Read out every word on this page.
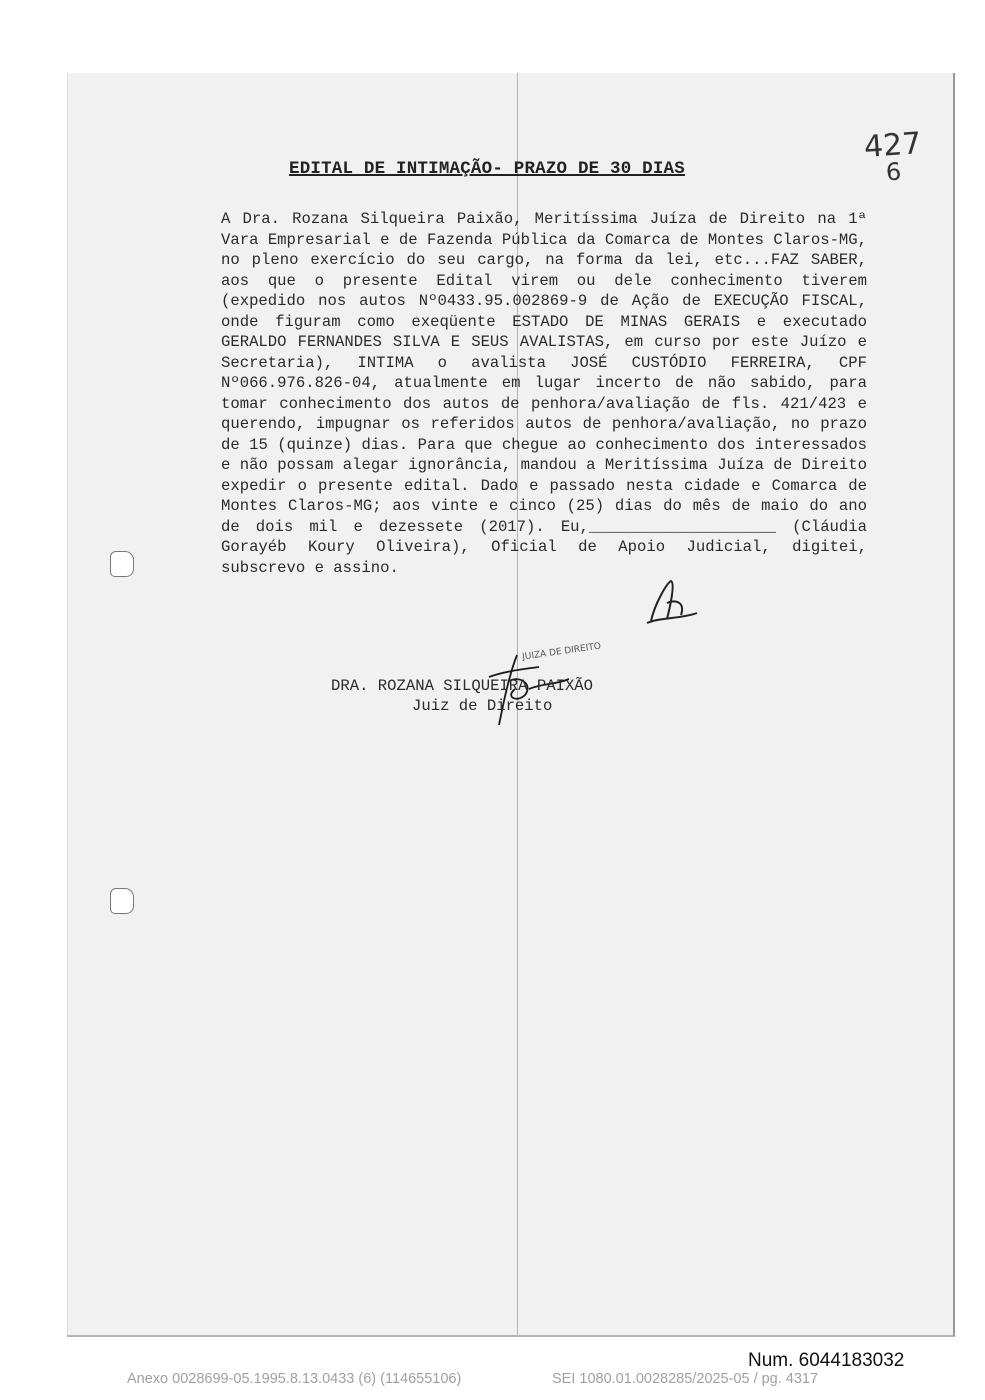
427
6
EDITAL DE INTIMAÇÃO- PRAZO DE 30 DIAS
A Dra. Rozana Silqueira Paixão, Meritíssima Juíza de Direito na 1ª Vara Empresarial e de Fazenda Pública da Comarca de Montes Claros-MG, no pleno exercício do seu cargo, na forma da lei, etc...FAZ SABER, aos que o presente Edital virem ou dele conhecimento tiverem (expedido nos autos Nº0433.95.002869-9 de Ação de EXECUÇÃO FISCAL, onde figuram como exeqüente ESTADO DE MINAS GERAIS e executado GERALDO FERNANDES SILVA E SEUS AVALISTAS, em curso por este Juízo e Secretaria), INTIMA o avalista JOSÉ CUSTÓDIO FERREIRA, CPF Nº066.976.826-04, atualmente em lugar incerto de não sabido, para tomar conhecimento dos autos de penhora/avaliação de fls. 421/423 e querendo, impugnar os referidos autos de penhora/avaliação, no prazo de 15 (quinze) dias. Para que chegue ao conhecimento dos interessados e não possam alegar ignorância, mandou a Meritíssima Juíza de Direito expedir o presente edital. Dado e passado nesta cidade e Comarca de Montes Claros-MG; aos vinte e cinco (25) dias do mês de maio do ano de dois mil e dezessete (2017). Eu,____________________ (Cláudia Gorayéb Koury Oliveira), Oficial de Apoio Judicial, digitei, subscrevo e assino.
JUIZA DE DIREITO
DRA. ROZANA SILQUEIRA PAIXÃO
Juiz de Direito
Num. 6044183032
Anexo 0028699-05.1995.8.13.0433 (6) (114655106)	SEI 1080.01.0028285/2025-05 / pg. 4317
